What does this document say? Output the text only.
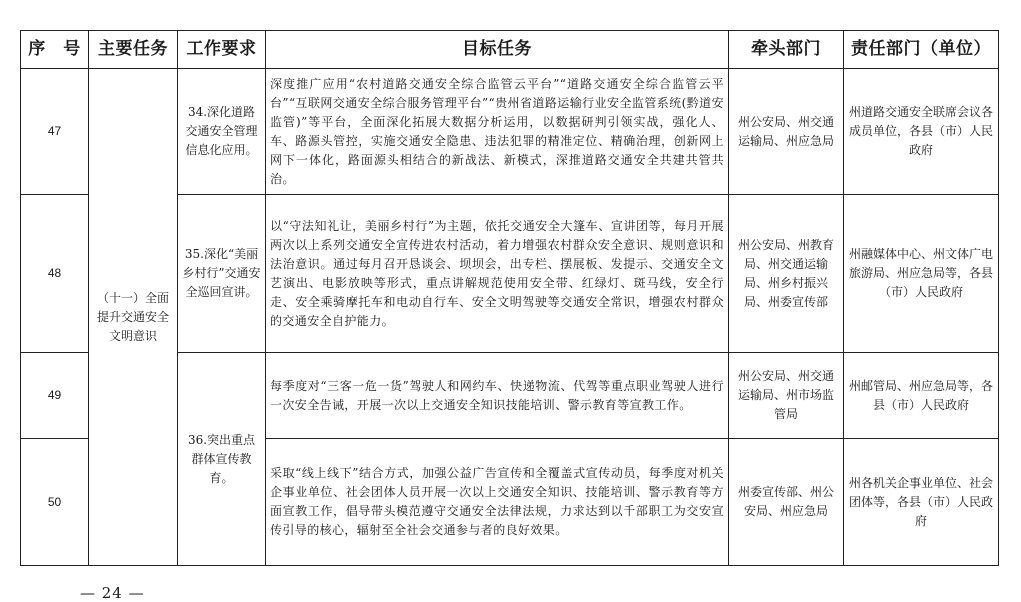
序　号	主要任务	工作要求	目标任务	牵头部门	责任部门（单位）
47	（十一）全面提升交通安全文明意识	34.深化道路交通安全管理信息化应用。	深度推广应用“农村道路交通安全综合监管云平台”“道路交通安全综合监管云平台”“互联网交通安全综合服务管理平台”“贵州省道路运输行业安全监管系统(黔道安监管)”等平台，全面深化拓展大数据分析运用，以数据研判引领实战，强化人、车、路源头管控，实施交通安全隐患、违法犯罪的精准定位、精确治理，创新网上网下一体化，路面源头相结合的新战法、新模式，深推道路交通安全共建共管共治。	州公安局、州交通运输局、州应急局	州道路交通安全联席会议各成员单位，各县（市）人民政府
48		35.深化“美丽乡村行”交通安全巡回宣讲。	以“守法知礼让，美丽乡村行”为主题，依托交通安全大篷车、宣讲团等，每月开展两次以上系列交通安全宣传进农村活动，着力增强农村群众安全意识、规则意识和法治意识。通过每月召开恳谈会、坝坝会，出专栏、摆展板、发提示、交通安全文艺演出、电影放映等形式，重点讲解规范使用安全带、红绿灯、斑马线，安全行走、安全乘骑摩托车和电动自行车、安全文明驾驶等交通安全常识，增强农村群众的交通安全自护能力。	州公安局、州教育局、州交通运输局、州乡村振兴局、州委宣传部	州融媒体中心、州文体广电旅游局、州应急局等，各县（市）人民政府
49		36.突出重点群体宣传教育。	每季度对“三客一危一货”驾驶人和网约车、快递物流、代驾等重点职业驾驶人进行一次安全告诫，开展一次以上交通安全知识技能培训、警示教育等宣教工作。	州公安局、州交通运输局、州市场监管局	州邮管局、州应急局等，各县（市）人民政府
50			采取“线上线下”结合方式，加强公益广告宣传和全覆盖式宣传动员，每季度对机关企事业单位、社会团体人员开展一次以上交通安全知识、技能培训、警示教育等方面宣教工作，倡导带头模范遵守交通安全法律法规，力求达到以千部职工为交安宣传引导的核心，辐射至全社会交通参与者的良好效果。	州委宣传部、州公安局、州应急局	州各机关企事业单位、社会团体等，各县（市）人民政府
— 24 —
